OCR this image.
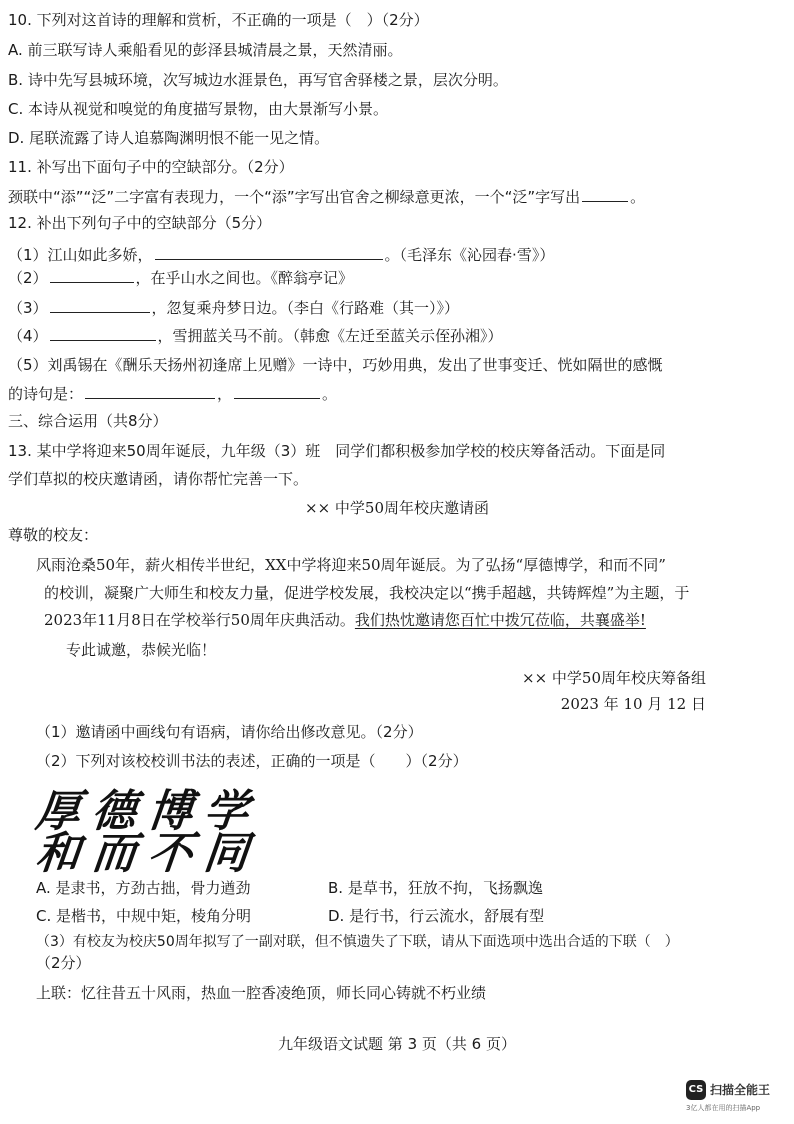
10. 下列对这首诗的理解和赏析，不正确的一项是（　）（2分）
A. 前三联写诗人乘船看见的彭泽县城清晨之景，天然清丽。
B. 诗中先写县城环境，次写城边水涯景色，再写官舍驿楼之景，层次分明。
C. 本诗从视觉和嗅觉的角度描写景物，由大景渐写小景。
D. 尾联流露了诗人追慕陶渊明恨不能一见之情。
11. 补写出下面句子中的空缺部分。（2分）
颈联中“添”“泛”二字富有表现力，一个“添”字写出官舍之柳绿意更浓，一个“泛”字写出	。
12. 补出下列句子中的空缺部分（5分）
（1）江山如此多娇，	。（毛泽东《沁园春·雪》）
（2）	，在乎山水之间也。《醉翁亭记》
（3）	，忽复乘舟梦日边。（李白《行路难（其一）》）
（4）	，雪拥蓝关马不前。（韩愈《左迁至蓝关示侄孙湘》）
（5）刘禹锡在《酬乐天扬州初逢席上见赠》一诗中，巧妙用典，发出了世事变迁、恍如隔世的感慨
的诗句是：	，	。
三、综合运用（共8分）
13. 某中学将迎来50周年诞辰，九年级（3）班　同学们都积极参加学校的校庆筹备活动。下面是同
学们草拟的校庆邀请函，请你帮忙完善一下。
×× 中学50周年校庆邀请函
尊敬的校友：
风雨沧桑50年，薪火相传半世纪，XX中学将迎来50周年诞辰。为了弘扬“厚德博学，和而不同”
的校训，凝聚广大师生和校友力量，促进学校发展，我校决定以“携手超越，共铸辉煌”为主题，于
2023年11月8日在学校举行50周年庆典活动。我们热忱邀请您百忙中拨冗莅临，共襄盛举!
专此诚邀，恭候光临！
×× 中学50周年校庆筹备组
2023 年 10 月 12 日
（1）邀请函中画线句有语病，请你给出修改意见。（2分）
（2）下列对该校校训书法的表述，正确的一项是（　　）（2分）
厚德博学
和而不同
A. 是隶书，方劲古拙，骨力遒劲	B. 是草书，狂放不拘，飞扬飘逸
C. 是楷书，中规中矩，棱角分明	D. 是行书，行云流水，舒展有型
（3）有校友为校庆50周年拟写了一副对联，但不慎遗失了下联，请从下面选项中选出合适的下联（　）
（2分）
上联：忆往昔五十风雨，热血一腔香凌绝顶，师长同心铸就不朽业绩
九年级语文试题 第 3 页（共 6 页）
CS 扫描全能王
3亿人都在用的扫描App
